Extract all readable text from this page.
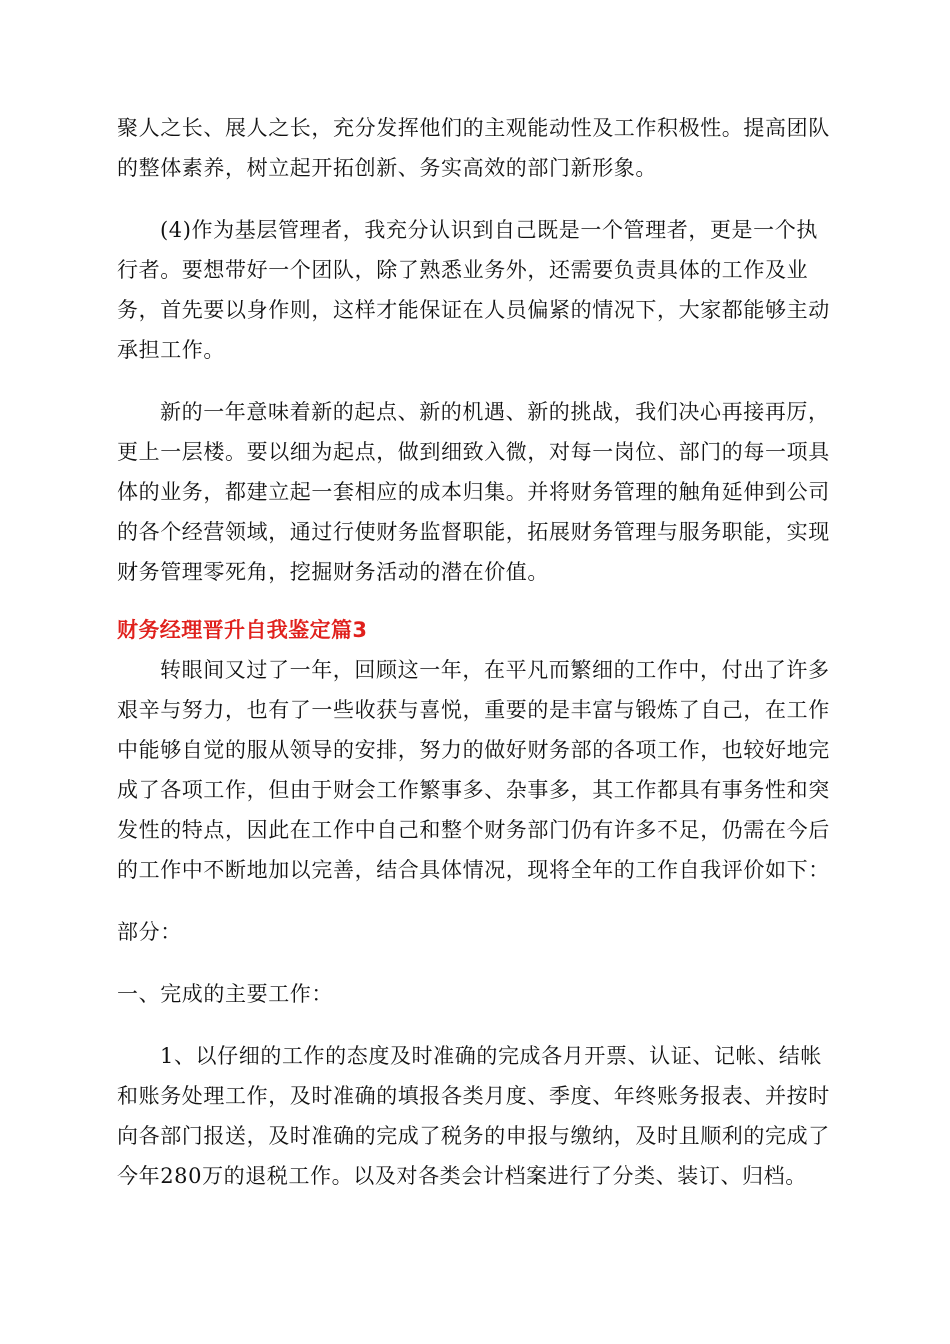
聚人之长、展人之长，充分发挥他们的主观能动性及工作积极性。提高团队的整体素养，树立起开拓创新、务实高效的部门新形象。

(4)作为基层管理者，我充分认识到自己既是一个管理者，更是一个执行者。要想带好一个团队，除了熟悉业务外，还需要负责具体的工作及业务，首先要以身作则，这样才能保证在人员偏紧的情况下，大家都能够主动承担工作。

新的一年意味着新的起点、新的机遇、新的挑战，我们决心再接再厉，更上一层楼。要以细为起点，做到细致入微，对每一岗位、部门的每一项具体的业务，都建立起一套相应的成本归集。并将财务管理的触角延伸到公司的各个经营领域，通过行使财务监督职能，拓展财务管理与服务职能，实现财务管理零死角，挖掘财务活动的潜在价值。

财务经理晋升自我鉴定篇3

转眼间又过了一年，回顾这一年，在平凡而繁细的工作中，付出了许多艰辛与努力，也有了一些收获与喜悦，重要的是丰富与锻炼了自己，在工作中能够自觉的服从领导的安排，努力的做好财务部的各项工作，也较好地完成了各项工作，但由于财会工作繁事多、杂事多，其工作都具有事务性和突发性的特点，因此在工作中自己和整个财务部门仍有许多不足，仍需在今后的工作中不断地加以完善，结合具体情况，现将全年的工作自我评价如下：

部分：

一、完成的主要工作：

1、以仔细的工作的态度及时准确的完成各月开票、认证、记帐、结帐和账务处理工作，及时准确的填报各类月度、季度、年终账务报表、并按时向各部门报送，及时准确的完成了税务的申报与缴纳，及时且顺利的完成了今年280万的退税工作。以及对各类会计档案进行了分类、装订、归档。
